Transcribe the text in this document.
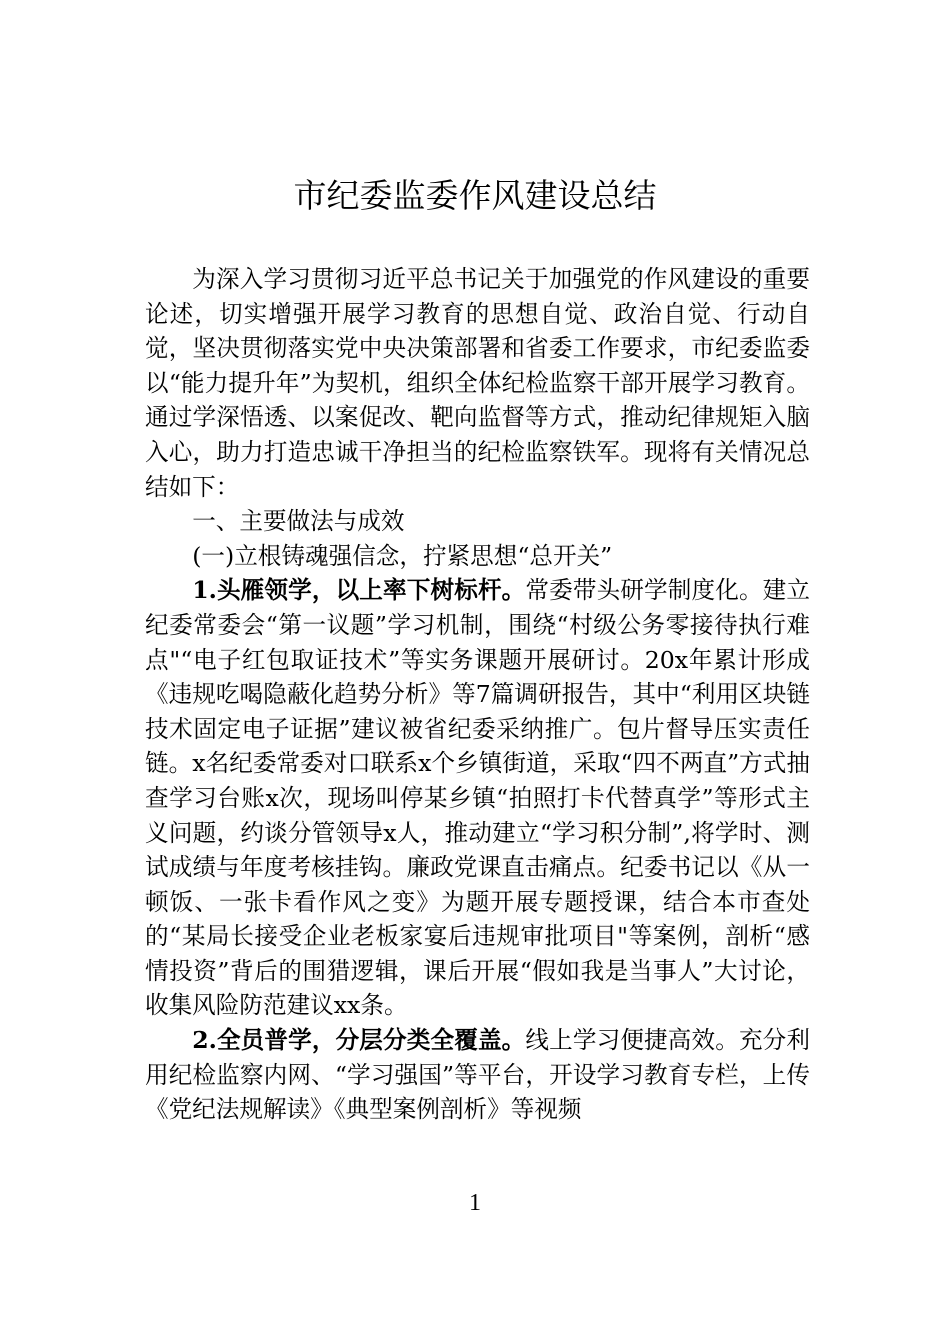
市纪委监委作风建设总结

为深入学习贯彻习近平总书记关于加强党的作风建设的重要论述，切实增强开展学习教育的思想自觉、政治自觉、行动自觉，坚决贯彻落实党中央决策部署和省委工作要求，市纪委监委以“能力提升年”为契机，组织全体纪检监察干部开展学习教育。通过学深悟透、以案促改、靶向监督等方式，推动纪律规矩入脑入心，助力打造忠诚干净担当的纪检监察铁军。现将有关情况总结如下：

一、主要做法与成效

(一)立根铸魂强信念，拧紧思想“总开关”

1.头雁领学，以上率下树标杆。常委带头研学制度化。建立纪委常委会“第一议题”学习机制，围绕“村级公务零接待执行难点"“电子红包取证技术”等实务课题开展研讨。20x年累计形成《违规吃喝隐蔽化趋势分析》等7篇调研报告，其中“利用区块链技术固定电子证据”建议被省纪委采纳推广。包片督导压实责任链。x名纪委常委对口联系x个乡镇街道，采取“四不两直”方式抽查学习台账x次，现场叫停某乡镇“拍照打卡代替真学”等形式主义问题，约谈分管领导x人，推动建立“学习积分制”,将学时、测试成绩与年度考核挂钩。廉政党课直击痛点。纪委书记以《从一顿饭、一张卡看作风之变》为题开展专题授课，结合本市查处的“某局长接受企业老板家宴后违规审批项目"等案例，剖析“感情投资”背后的围猎逻辑，课后开展“假如我是当事人”大讨论，收集风险防范建议xx条。

2.全员普学，分层分类全覆盖。线上学习便捷高效。充分利用纪检监察内网、“学习强国”等平台，开设学习教育专栏，上传《党纪法规解读》《典型案例剖析》等视频

1
